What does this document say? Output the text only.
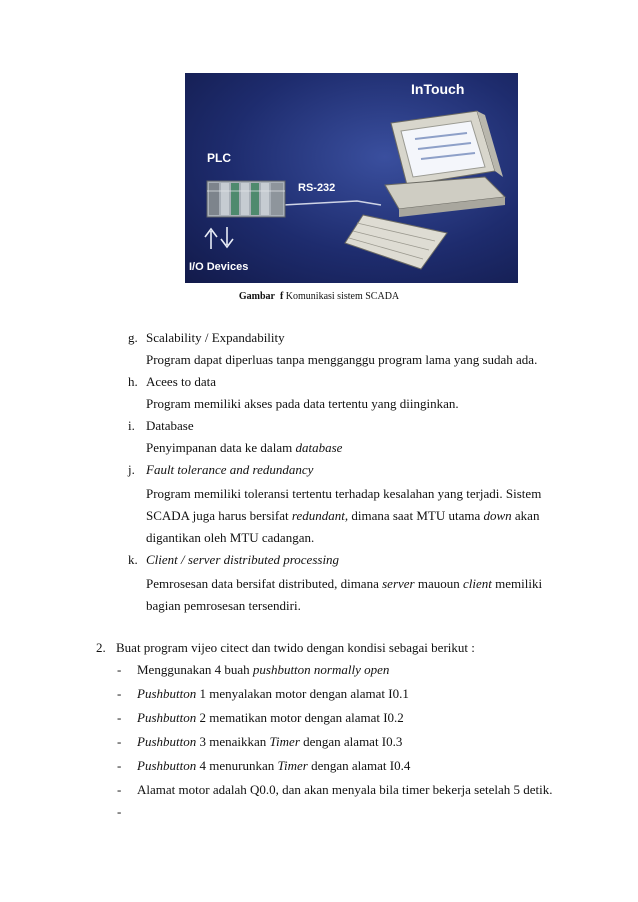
InTouch
PLC
RS-232
I/O Devices
Gambar f Komunikasi sistem SCADA
g. Scalability / Expandability
Program dapat diperluas tanpa mengganggu program lama yang sudah ada.
h. Acees to data
Program memiliki akses pada data tertentu yang diinginkan.
i. Database
Penyimpanan data ke dalam database
j. Fault tolerance and redundancy
Program memiliki toleransi tertentu terhadap kesalahan yang terjadi. Sistem
SCADA juga harus bersifat redundant, dimana saat MTU utama down akan
digantikan oleh MTU cadangan.
k. Client / server distributed processing
Pemrosesan data bersifat distributed, dimana server mauoun client memiliki
bagian pemrosesan tersendiri.
2. Buat program vijeo citect dan twido dengan kondisi sebagai berikut :
- Menggunakan 4 buah pushbutton normally open
- Pushbutton 1 menyalakan motor dengan alamat I0.1
- Pushbutton 2 mematikan motor dengan alamat I0.2
- Pushbutton 3 menaikkan Timer dengan alamat I0.3
- Pushbutton 4 menurunkan Timer dengan alamat I0.4
- Alamat motor adalah Q0.0, dan akan menyala bila timer bekerja setelah 5 detik.
-
